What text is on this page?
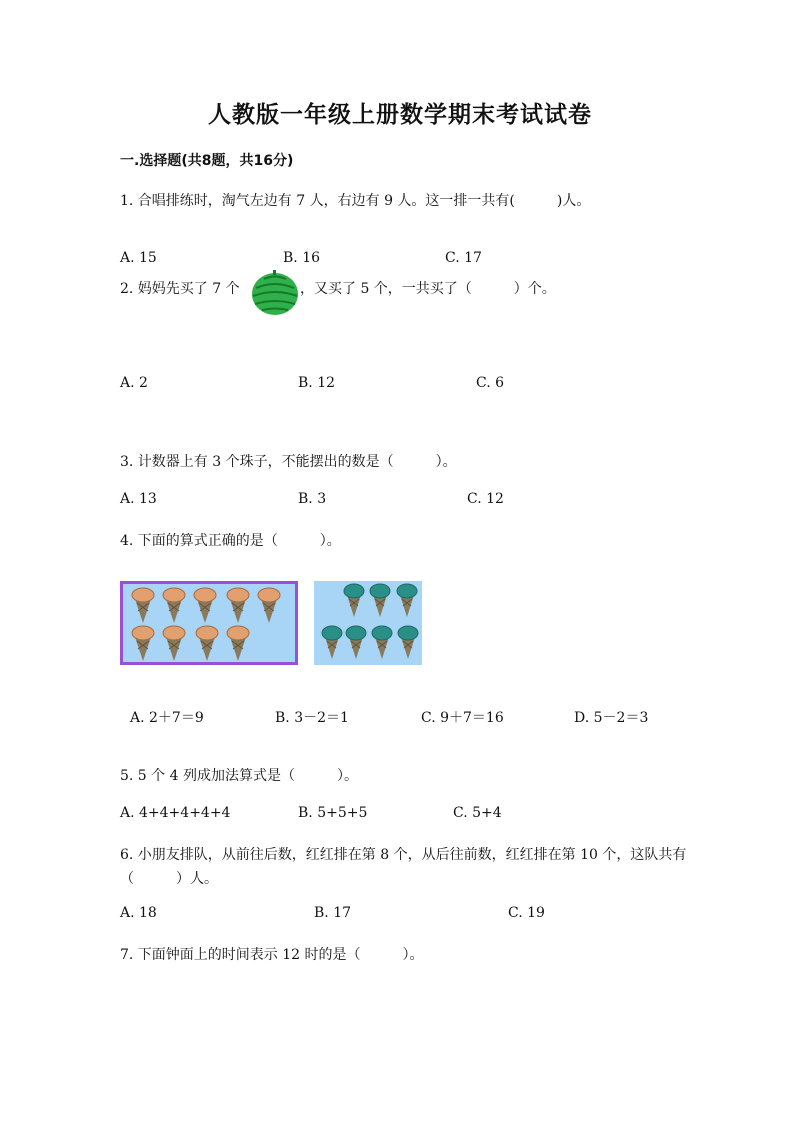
人教版一年级上册数学期末考试试卷
一.选择题(共8题，共16分)
1. 合唱排练时，淘气左边有 7 人，右边有 9 人。这一排一共有(　　　)人。
A. 15	B. 16	C. 17
2. 妈妈先买了 7 个	，又买了 5 个，一共买了（　　　）个。
A. 2	B. 12	C. 6
3. 计数器上有 3 个珠子，不能摆出的数是（　　　）。
A. 13	B. 3	C. 12
4. 下面的算式正确的是（　　　）。
A. 2＋7＝9	B. 3－2＝1	C. 9＋7＝16	D. 5－2＝3
5. 5 个 4 列成加法算式是（　　　）。
A. 4+4+4+4+4	B. 5+5+5	C. 5+4
6. 小朋友排队，从前往后数，红红排在第 8 个，从后往前数，红红排在第 10 个，这队共有（　　　）人。
A. 18	B. 17	C. 19
7. 下面钟面上的时间表示 12 时的是（　　　）。
